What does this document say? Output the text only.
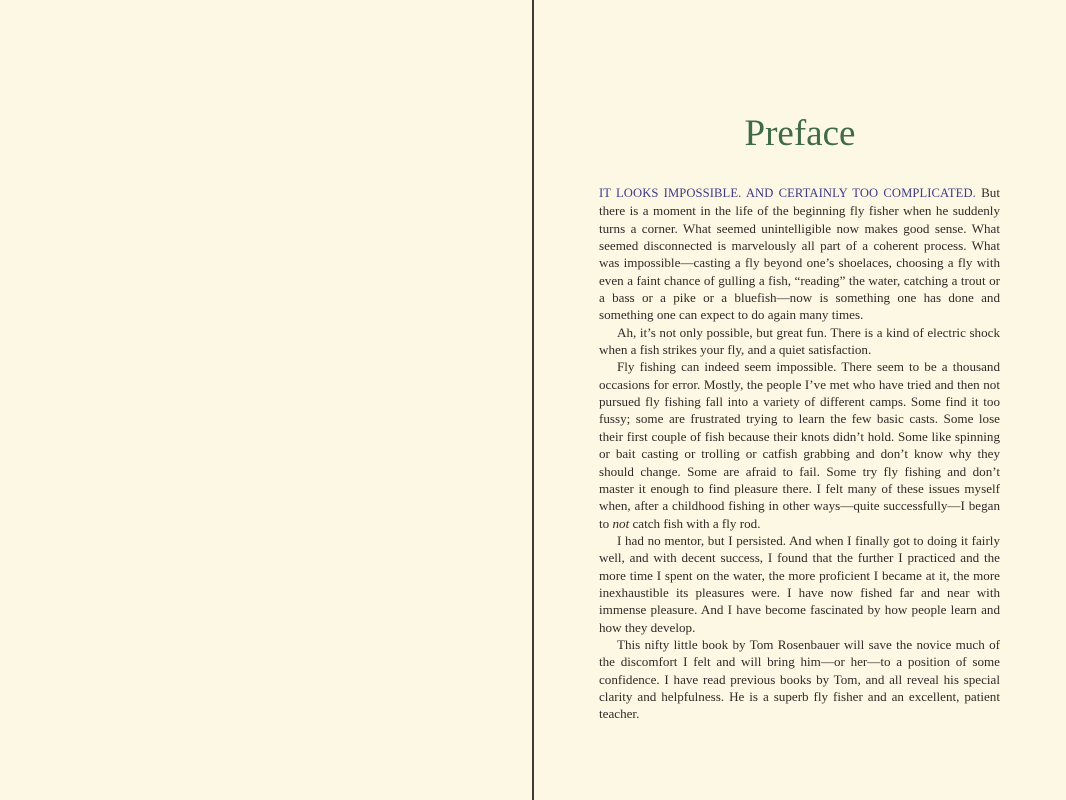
Preface

IT LOOKS IMPOSSIBLE. AND CERTAINLY TOO COMPLICATED. But there is a moment in the life of the beginning fly fisher when he suddenly turns a corner. What seemed unintelligible now makes good sense. What seemed disconnected is marvelously all part of a coherent process. What was impossible—casting a fly beyond one’s shoelaces, choosing a fly with even a faint chance of gulling a fish, “reading” the water, catching a trout or a bass or a pike or a bluefish—now is something one has done and something one can expect to do again many times.

Ah, it’s not only possible, but great fun. There is a kind of electric shock when a fish strikes your fly, and a quiet satisfaction.

Fly fishing can indeed seem impossible. There seem to be a thousand occasions for error. Mostly, the people I’ve met who have tried and then not pursued fly fishing fall into a variety of different camps. Some find it too fussy; some are frustrated trying to learn the few basic casts. Some lose their first couple of fish because their knots didn’t hold. Some like spinning or bait casting or trolling or catfish grabbing and don’t know why they should change. Some are afraid to fail. Some try fly fishing and don’t master it enough to find pleasure there. I felt many of these issues myself when, after a childhood fishing in other ways—quite successfully—I began to not catch fish with a fly rod.

I had no mentor, but I persisted. And when I finally got to doing it fairly well, and with decent success, I found that the further I practiced and the more time I spent on the water, the more proficient I became at it, the more inexhaustible its pleasures were. I have now fished far and near with immense pleasure. And I have become fascinated by how people learn and how they develop.

This nifty little book by Tom Rosenbauer will save the novice much of the discomfort I felt and will bring him—or her—to a position of some confidence. I have read previous books by Tom, and all reveal his special clarity and helpfulness. He is a superb fly fisher and an excellent, patient teacher.
